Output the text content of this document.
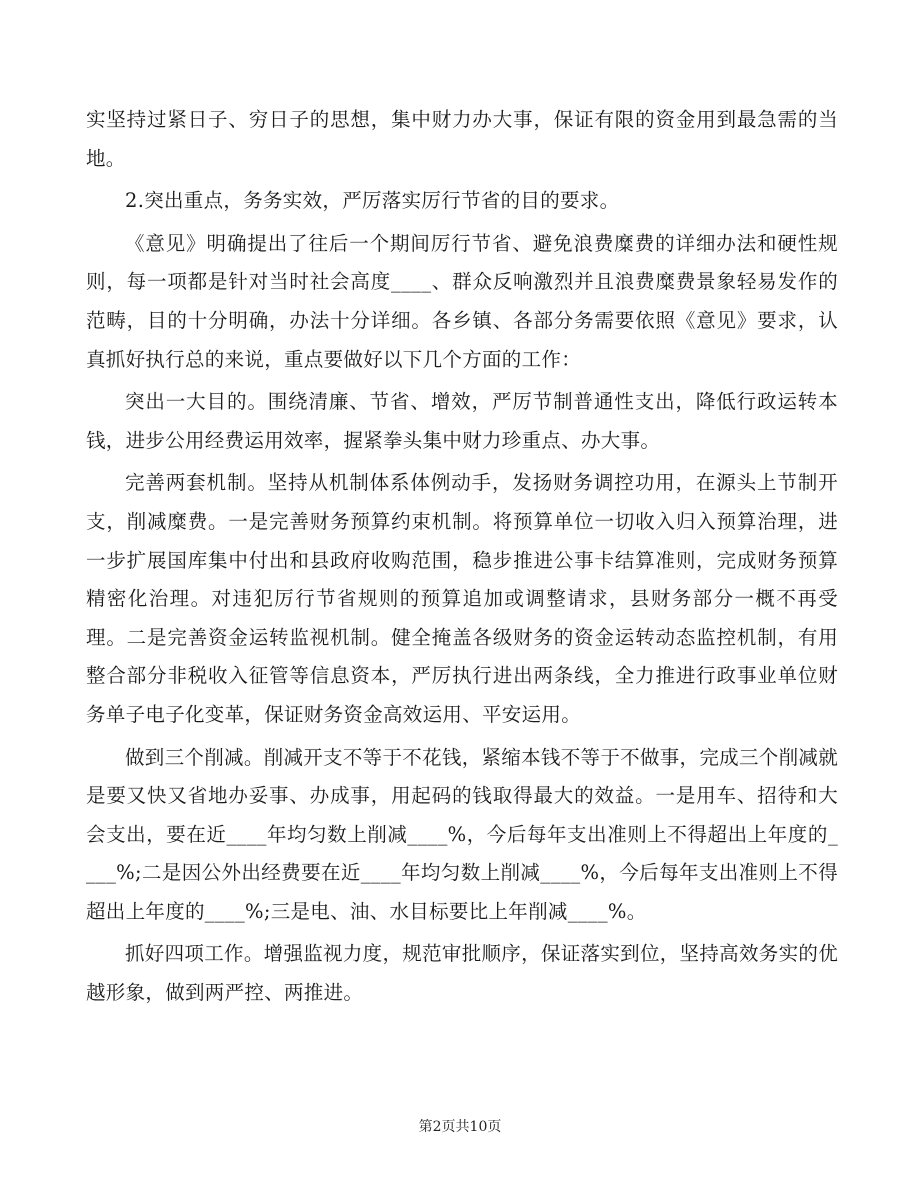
实坚持过紧日子、穷日子的思想，集中财力办大事，保证有限的资金用到最急需的当地。

2.突出重点，务务实效，严厉落实厉行节省的目的要求。

《意见》明确提出了往后一个期间厉行节省、避免浪费糜费的详细办法和硬性规则，每一项都是针对当时社会高度____、群众反响激烈并且浪费糜费景象轻易发作的范畴，目的十分明确，办法十分详细。各乡镇、各部分务需要依照《意见》要求，认真抓好执行总的来说，重点要做好以下几个方面的工作：

突出一大目的。围绕清廉、节省、增效，严厉节制普通性支出，降低行政运转本钱，进步公用经费运用效率，握紧拳头集中财力珍重点、办大事。

完善两套机制。坚持从机制体系体例动手，发扬财务调控功用，在源头上节制开支，削减糜费。一是完善财务预算约束机制。将预算单位一切收入归入预算治理，进一步扩展国库集中付出和县政府收购范围，稳步推进公事卡结算准则，完成财务预算精密化治理。对违犯厉行节省规则的预算追加或调整请求，县财务部分一概不再受理。二是完善资金运转监视机制。健全掩盖各级财务的资金运转动态监控机制，有用整合部分非税收入征管等信息资本，严厉执行进出两条线，全力推进行政事业单位财务单子电子化变革，保证财务资金高效运用、平安运用。

做到三个削减。削减开支不等于不花钱，紧缩本钱不等于不做事，完成三个削减就是要又快又省地办妥事、办成事，用起码的钱取得最大的效益。一是用车、招待和大会支出，要在近____年均匀数上削减____%，今后每年支出准则上不得超出上年度的____%;二是因公外出经费要在近____年均匀数上削减____%，今后每年支出准则上不得超出上年度的____%;三是电、油、水目标要比上年削减____%。

抓好四项工作。增强监视力度，规范审批顺序，保证落实到位，坚持高效务实的优越形象，做到两严控、两推进。

第2页共10页
